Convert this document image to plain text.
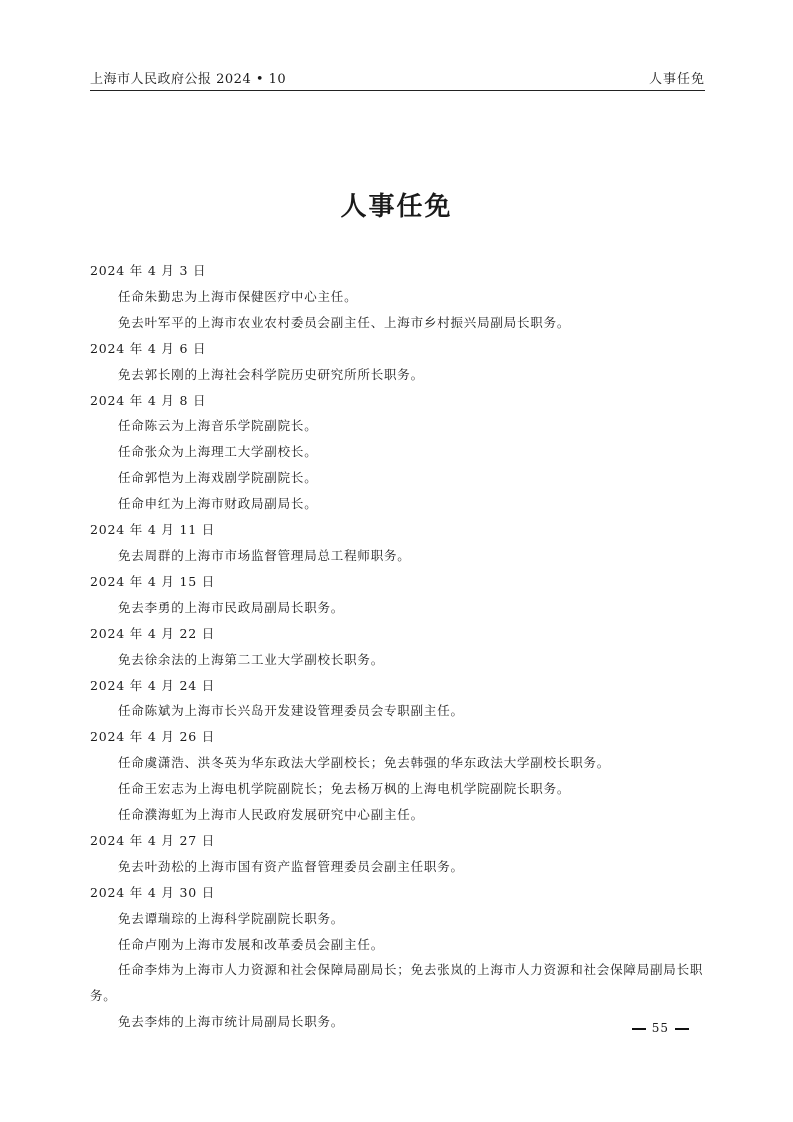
上海市人民政府公报 2024 • 10	人事任免
人事任免
2024 年 4 月 3 日
任命朱勤忠为上海市保健医疗中心主任。
免去叶军平的上海市农业农村委员会副主任、上海市乡村振兴局副局长职务。
2024 年 4 月 6 日
免去郭长刚的上海社会科学院历史研究所所长职务。
2024 年 4 月 8 日
任命陈云为上海音乐学院副院长。
任命张众为上海理工大学副校长。
任命郭恺为上海戏剧学院副院长。
任命申红为上海市财政局副局长。
2024 年 4 月 11 日
免去周群的上海市市场监督管理局总工程师职务。
2024 年 4 月 15 日
免去李勇的上海市民政局副局长职务。
2024 年 4 月 22 日
免去徐余法的上海第二工业大学副校长职务。
2024 年 4 月 24 日
任命陈斌为上海市长兴岛开发建设管理委员会专职副主任。
2024 年 4 月 26 日
任命虞潇浩、洪冬英为华东政法大学副校长；免去韩强的华东政法大学副校长职务。
任命王宏志为上海电机学院副院长；免去杨万枫的上海电机学院副院长职务。
任命濮海虹为上海市人民政府发展研究中心副主任。
2024 年 4 月 27 日
免去叶劲松的上海市国有资产监督管理委员会副主任职务。
2024 年 4 月 30 日
免去谭瑞琮的上海科学院副院长职务。
任命卢刚为上海市发展和改革委员会副主任。
任命李炜为上海市人力资源和社会保障局副局长；免去张岚的上海市人力资源和社会保障局副局长职务。
免去李炜的上海市统计局副局长职务。	55
